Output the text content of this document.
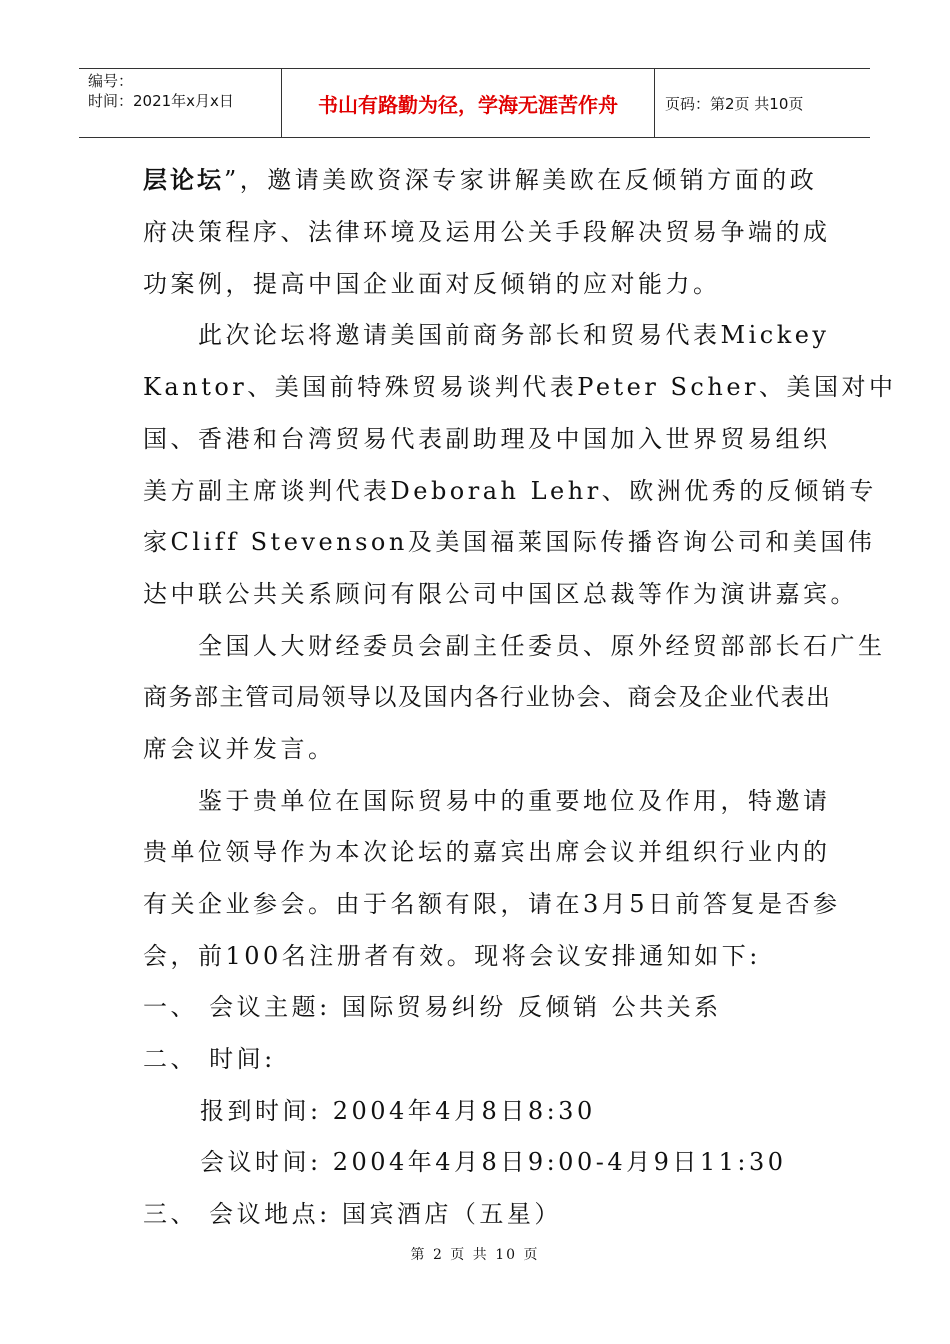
编号：
时间：2021年x月x日	书山有路勤为径，学海无涯苦作舟	页码：第2页 共10页
层论坛”，邀请美欧资深专家讲解美欧在反倾销方面的政
府决策程序、法律环境及运用公关手段解决贸易争端的成
功案例，提高中国企业面对反倾销的应对能力。
此次论坛将邀请美国前商务部长和贸易代表Mickey
Kantor、美国前特殊贸易谈判代表Peter Scher、美国对中
国、香港和台湾贸易代表副助理及中国加入世界贸易组织
美方副主席谈判代表Deborah Lehr、欧洲优秀的反倾销专
家Cliff Stevenson及美国福莱国际传播咨询公司和美国伟
达中联公共关系顾问有限公司中国区总裁等作为演讲嘉宾。
全国人大财经委员会副主任委员、原外经贸部部长石广生
商务部主管司局领导以及国内各行业协会、商会及企业代表出
席会议并发言。
鉴于贵单位在国际贸易中的重要地位及作用，特邀请
贵单位领导作为本次论坛的嘉宾出席会议并组织行业内的
有关企业参会。由于名额有限，请在3月5日前答复是否参
会，前100名注册者有效。现将会议安排通知如下:
一、 会议主题: 国际贸易纠纷 反倾销 公共关系
二、 时间:
报到时间: 2004年4月8日8:30
会议时间: 2004年4月8日9:00-4月9日11:30
三、 会议地点: 国宾酒店（五星）
第 2 页 共 10 页
